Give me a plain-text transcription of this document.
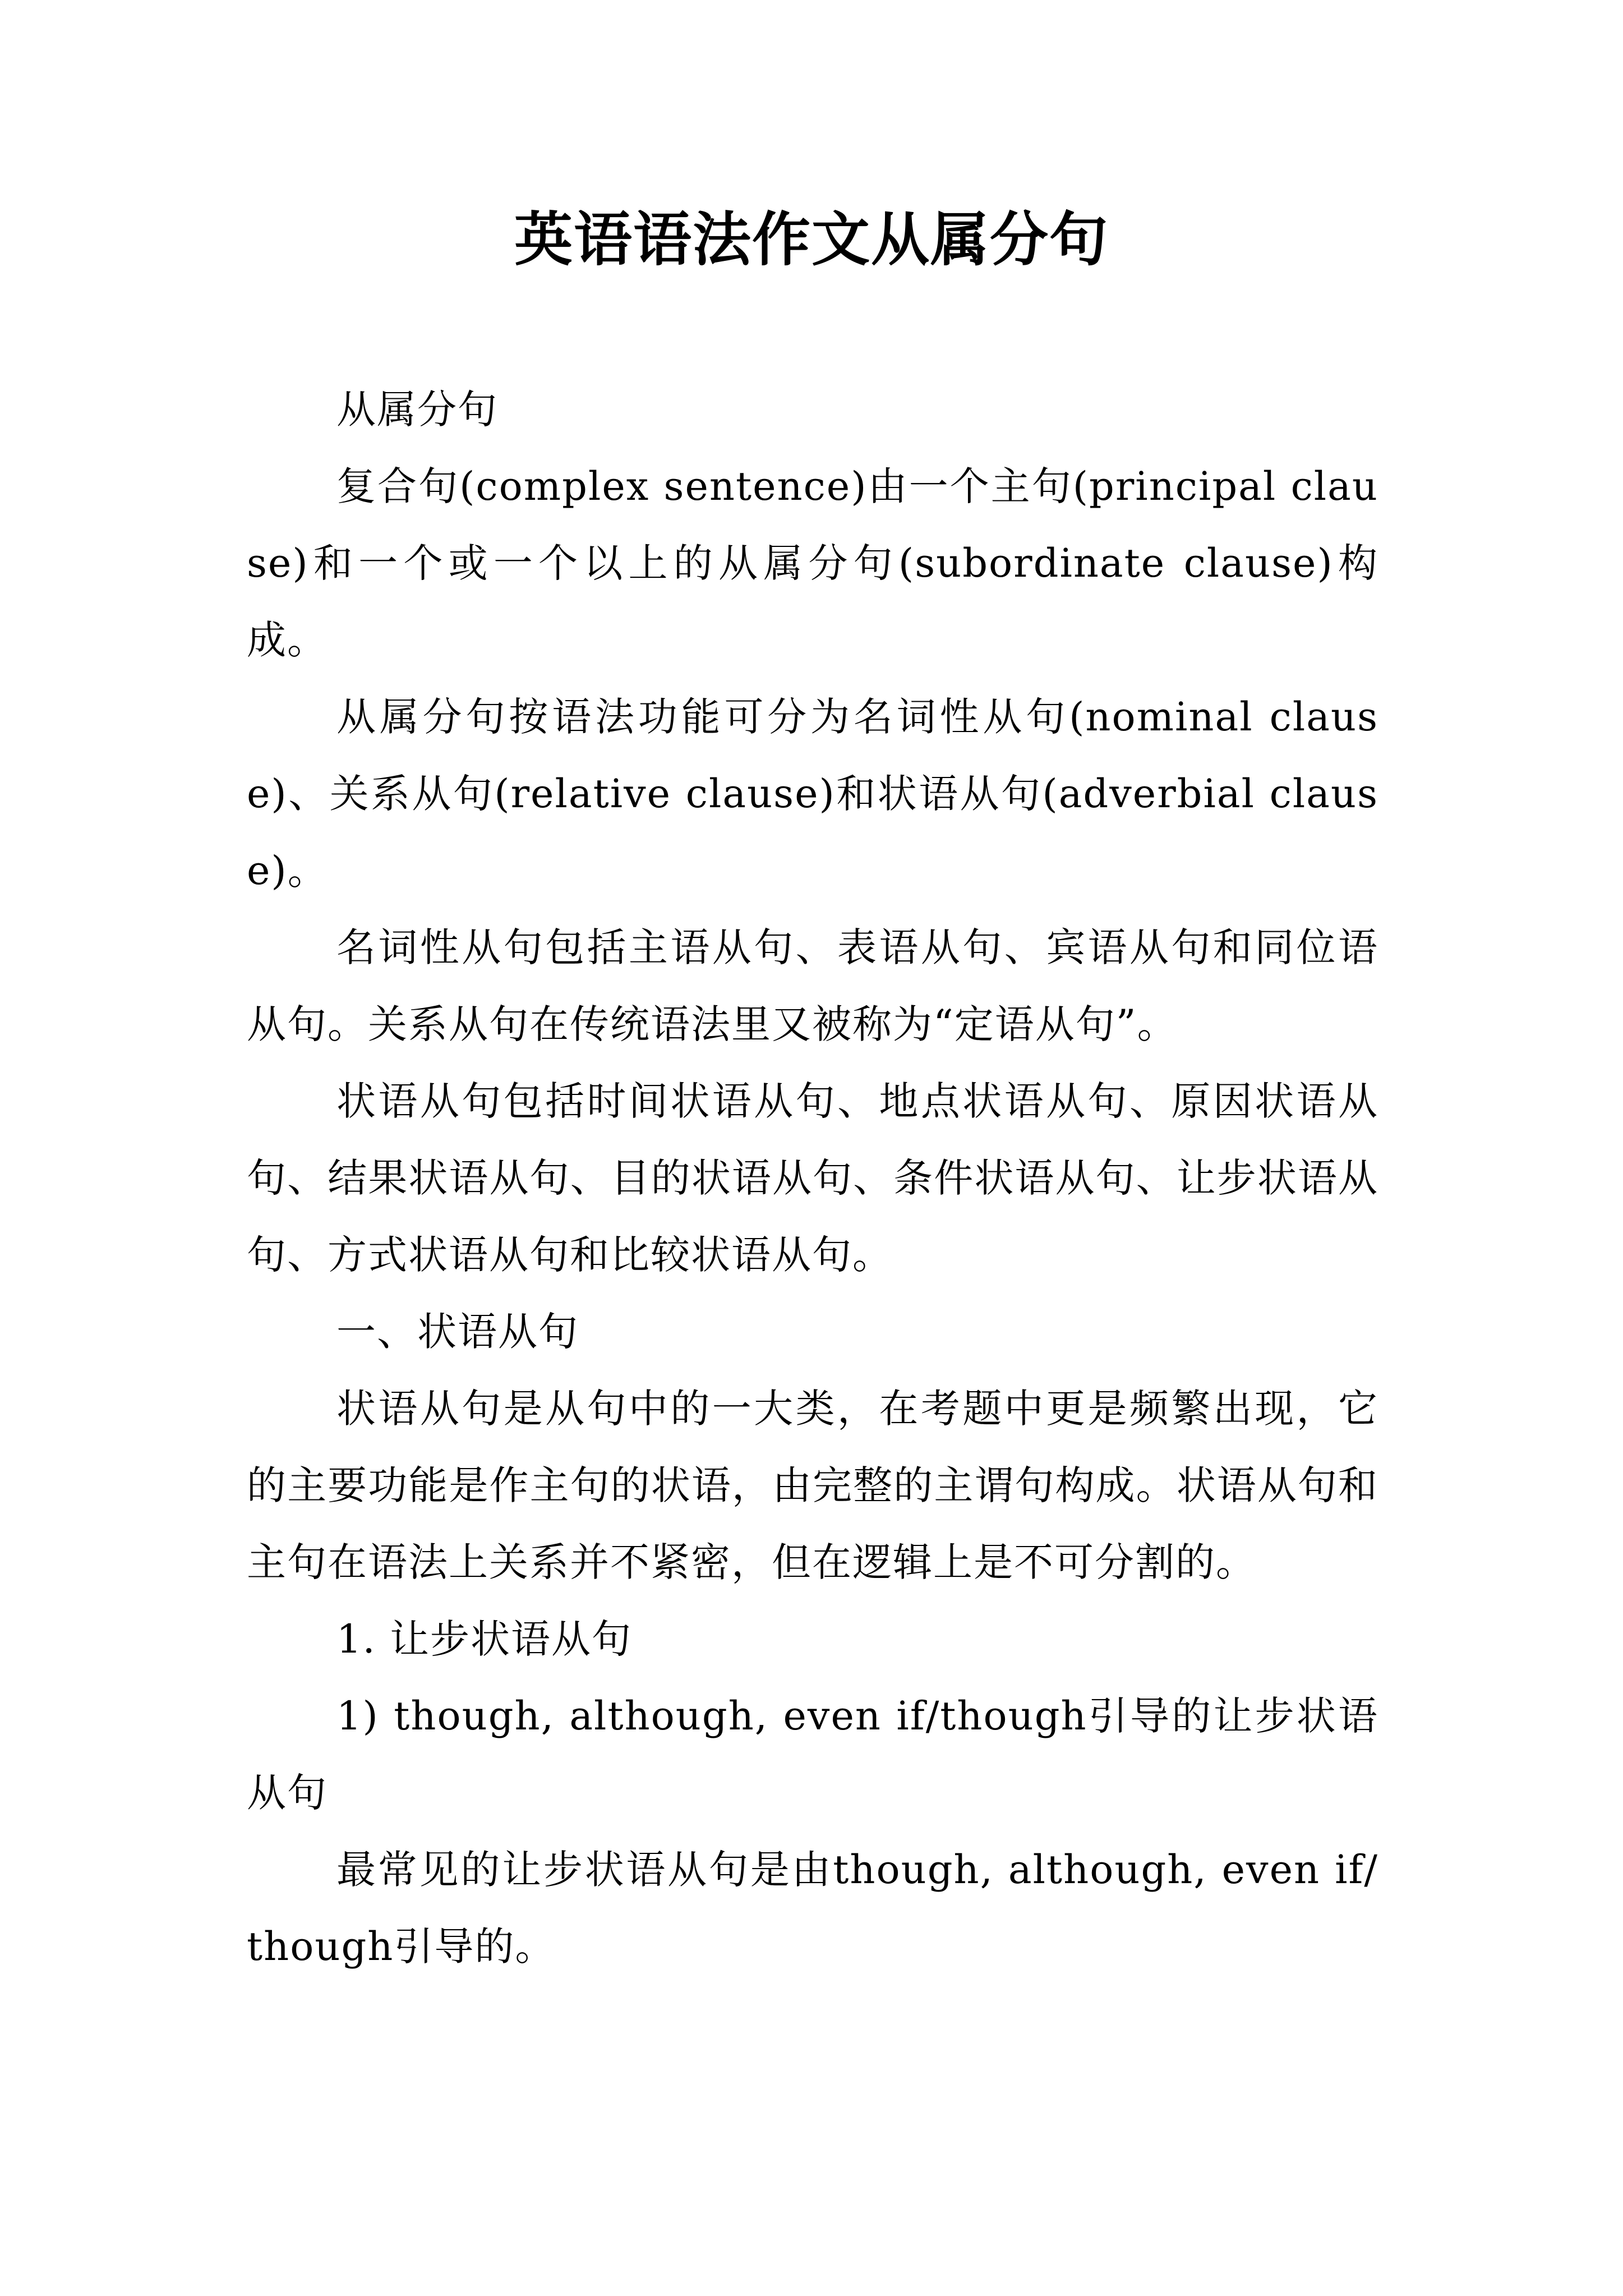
英语语法作文从属分句

从属分句

复合句(complex sentence)由一个主句(principal clause)和一个或一个以上的从属分句(subordinate clause)构成。

从属分句按语法功能可分为名词性从句(nominal clause)、关系从句(relative clause)和状语从句(adverbial clause)。

名词性从句包括主语从句、表语从句、宾语从句和同位语从句。关系从句在传统语法里又被称为“定语从句”。

状语从句包括时间状语从句、地点状语从句、原因状语从句、结果状语从句、目的状语从句、条件状语从句、让步状语从句、方式状语从句和比较状语从句。

一、状语从句

状语从句是从句中的一大类，在考题中更是频繁出现，它的主要功能是作主句的状语，由完整的主谓句构成。状语从句和主句在语法上关系并不紧密，但在逻辑上是不可分割的。

1. 让步状语从句

1) though, although, even if/though引导的让步状语从句

最常见的让步状语从句是由though, although, even if/though引导的。
